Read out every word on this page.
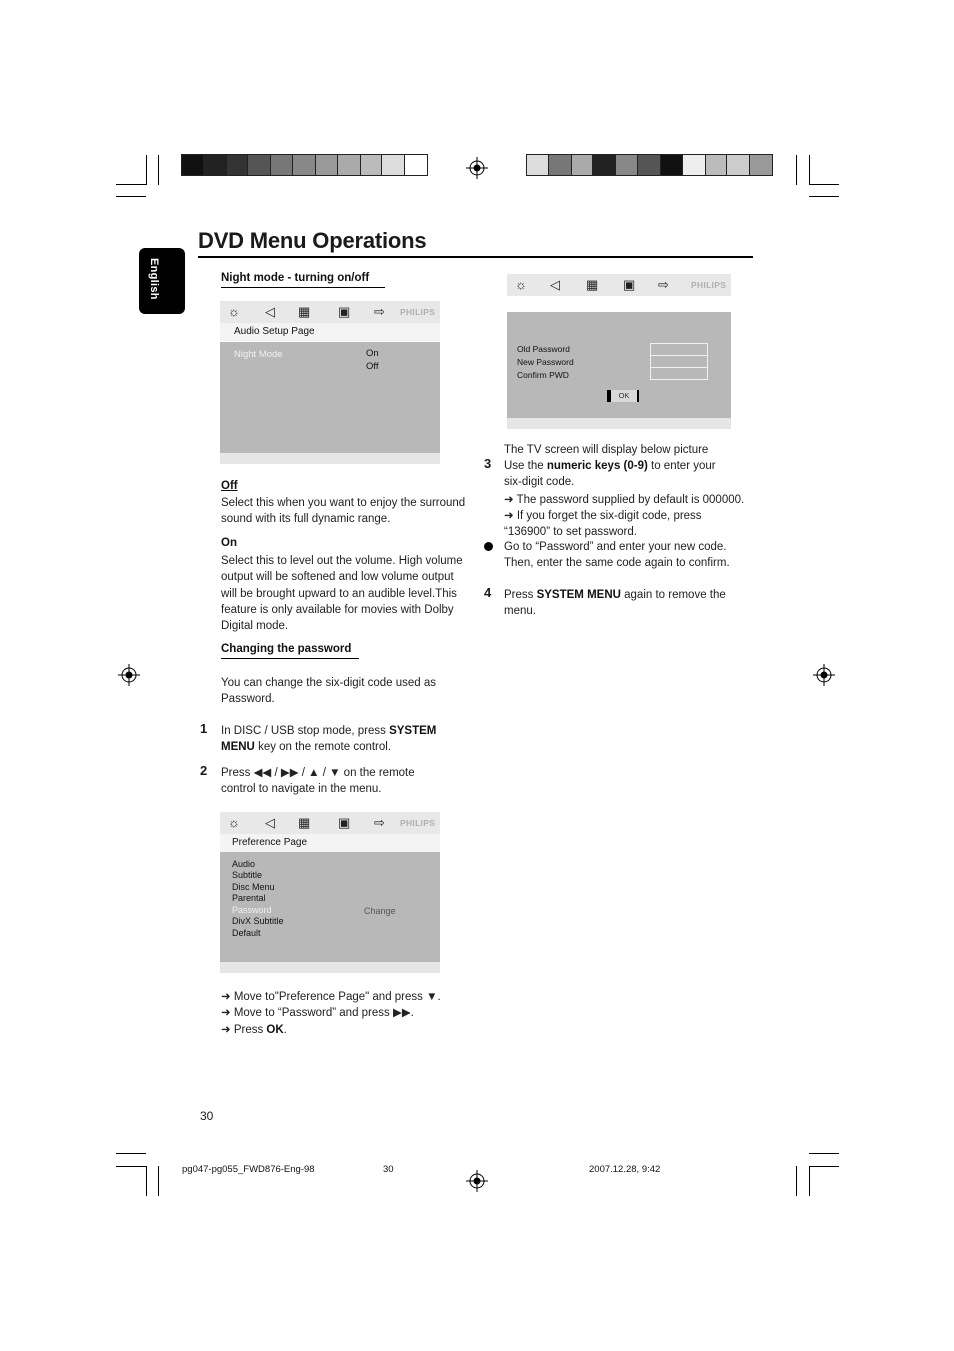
English
DVD Menu Operations
Night mode - turning on/off
☼ ◁ ▦ ▣ ⇨ PHILIPS
Audio Setup Page
Night Mode	On
Off
Off
Select this when you want to enjoy the surround
sound with its full dynamic range.
On
Select this to level out the volume. High volume
output will be softened and low volume output
will be brought upward to an audible level.This
feature is only available for movies with Dolby
Digital mode.
Changing the password
You can change the six-digit code used as
Password.
1 In DISC / USB stop mode, press SYSTEM
MENU key on the remote control.
2 Press ◀◀ / ▶▶ / ▲ / ▼ on the remote
control to navigate in the menu.
☼ ◁ ▦ ▣ ⇨ PHILIPS
Preference Page
Audio
Subtitle
Disc Menu
Parental
Password
DivX Subtitle
Default
Change
➜ Move to"Preference Page" and press ▼.
➜ Move to “Password” and press ▶▶.
➜ Press OK.
30
☼ ◁ ▦ ▣ ⇨	PHILIPS
Old Password
New Password
Confirm PWD
OK
The TV screen will display below picture
3 Use the numeric keys (0-9) to enter your
six-digit code.
➜ The password supplied by default is 000000.
➜ If you forget the six-digit code, press
“136900” to set password.
Go to “Password” and enter your new code.
Then, enter the same code again to confirm.
4 Press SYSTEM MENU again to remove the
menu.
pg047-pg055_FWD876-Eng-98	30	2007.12.28, 9:42
